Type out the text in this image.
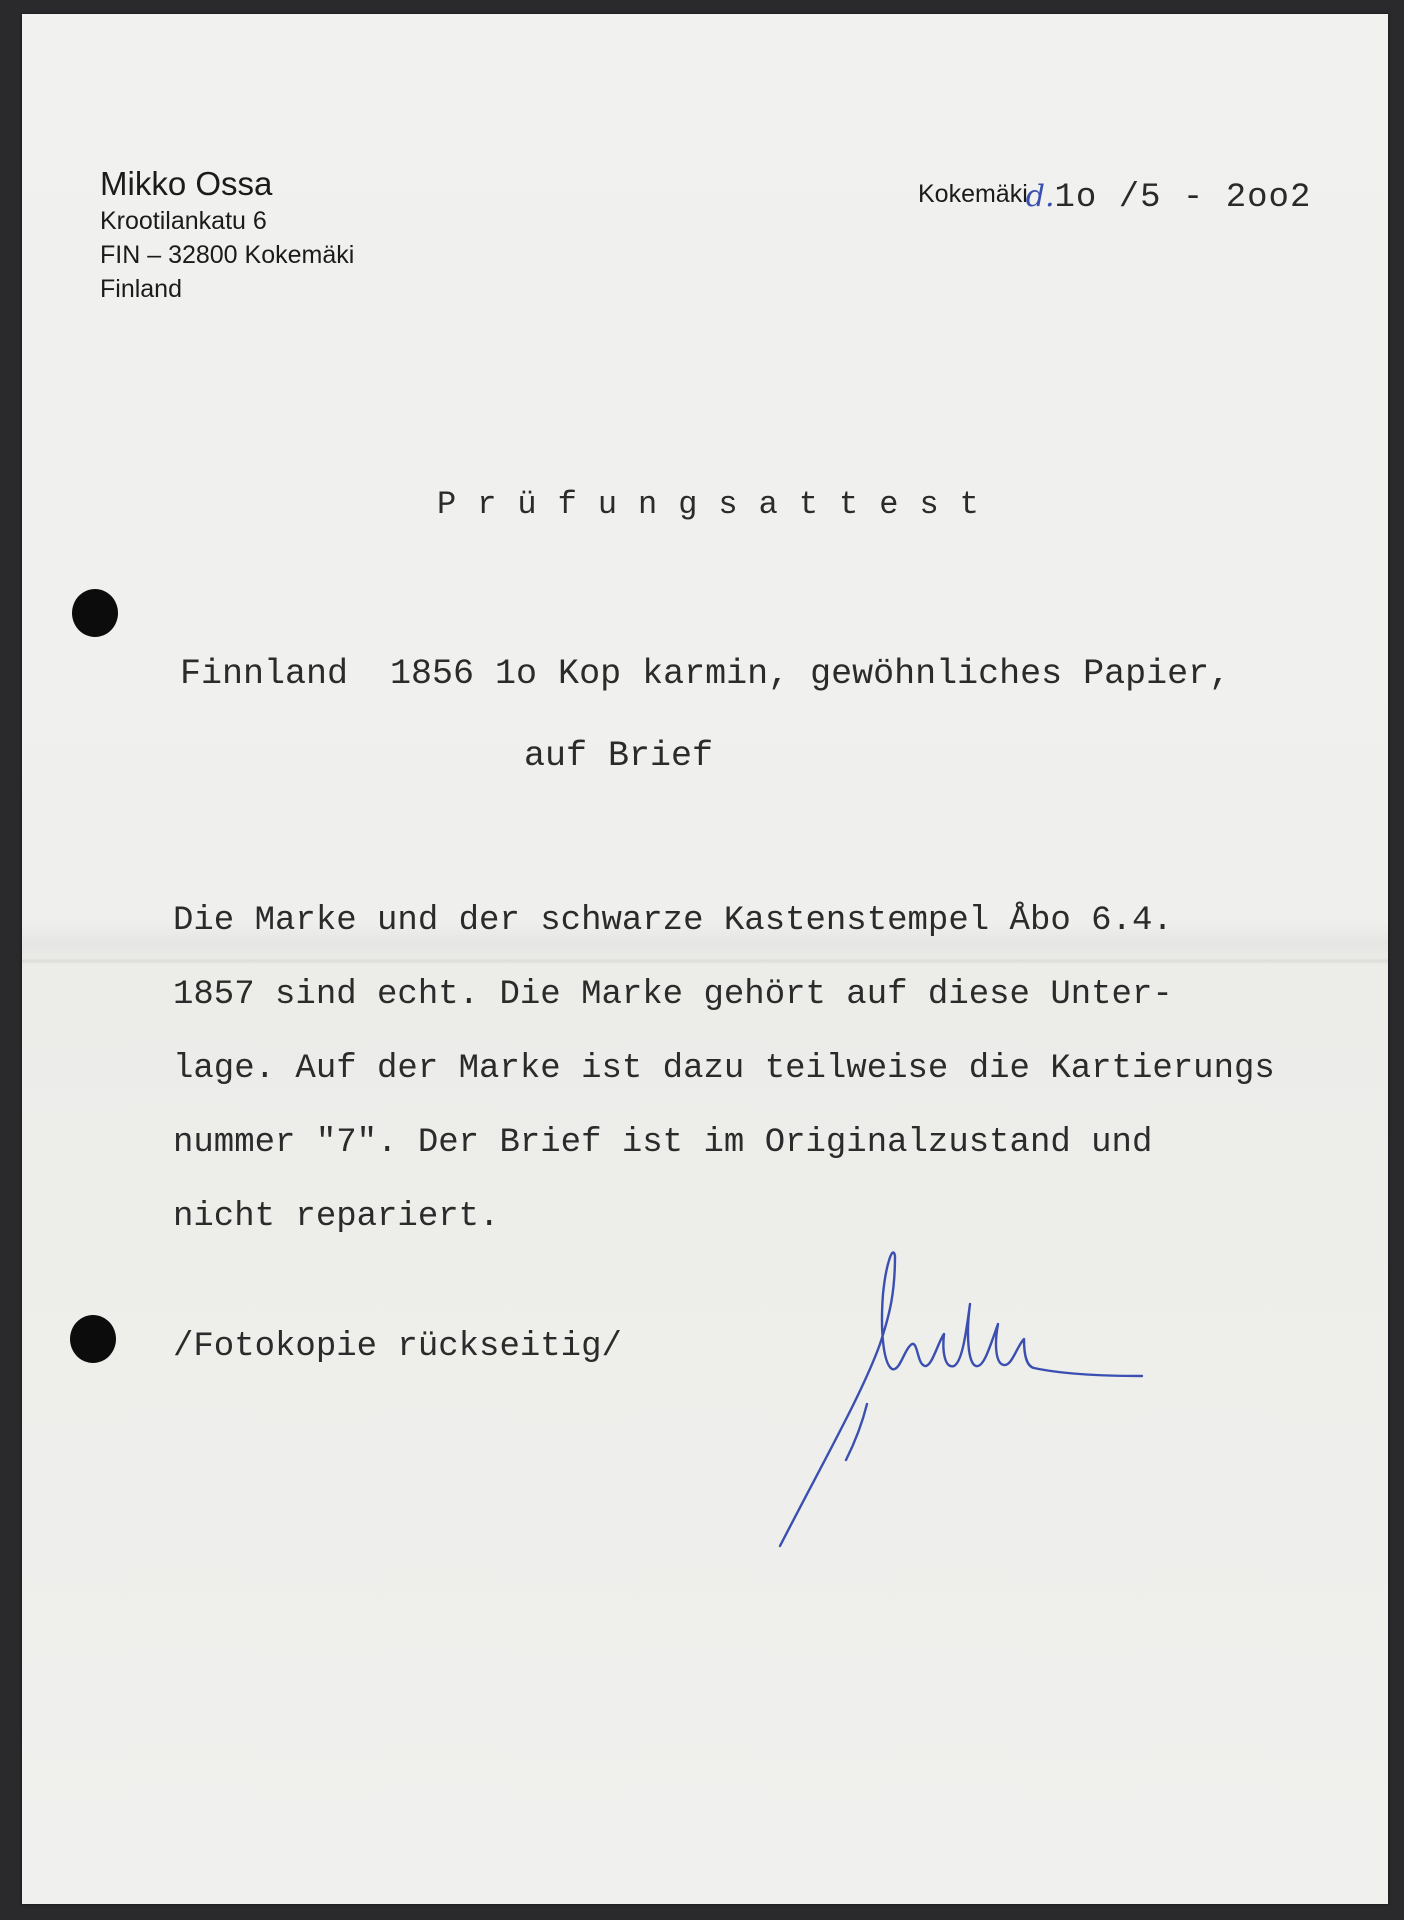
Mikko Ossa
Krootilankatu 6
FIN – 32800 Kokemäki
Finland
Kokemäkid.1o /5 - 2oo2
Prüfungsattest
Finnland  1856 1o Kop karmin, gewöhnliches Papier,
auf Brief
Die Marke und der schwarze Kastenstempel Åbo 6.4.
1857 sind echt. Die Marke gehört auf diese Unter-
lage. Auf der Marke ist dazu teilweise die Kartierungs
nummer "7". Der Brief ist im Originalzustand und
nicht repariert.
/Fotokopie rückseitig/
